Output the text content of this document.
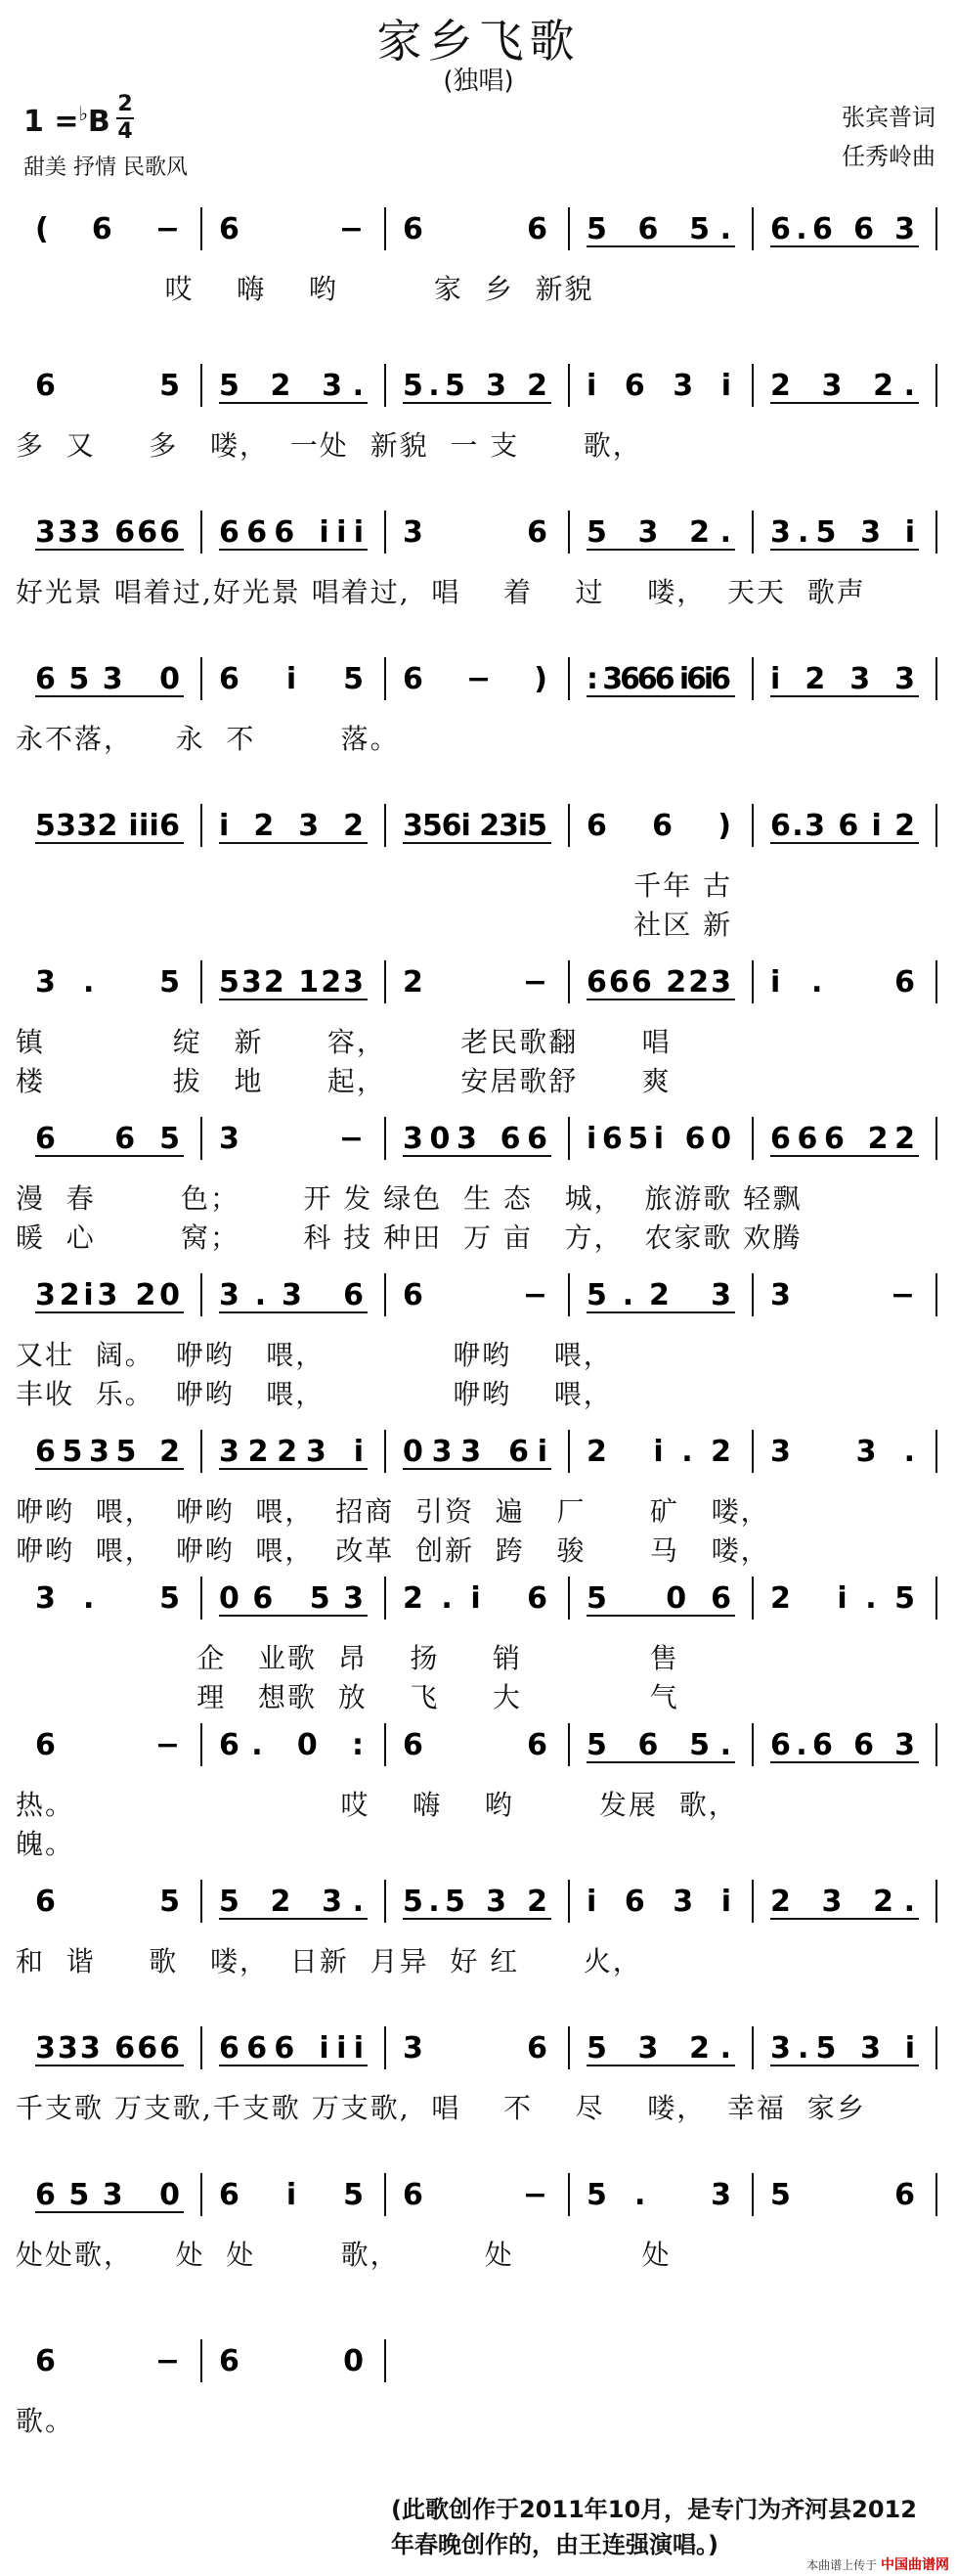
家乡飞歌
(独唱)
1 =♭B
2
4
张宾普词
任秀岭曲
甜美 抒情 民歌风
( 6 − 6 − 6 6 5 6 5. 6.6 6 3
哎    嗨    哟         家  乡  新貌
6 5 5 2 3. 5.5 3 2 i 6 3 i 2 3 2.
多  又     多   喽，  一处  新貌  一 支      歌，
333 666 666 iii 3 6 5 3 2. 3.5 3 i
好光景 唱着过,好光景 唱着过,  唱    着    过    喽，  天天  歌声
653 0 6 i 5 6 − ) : 3666 i6i6 i 2 3 3
永不落，    永  不        落。
5332 iii6 i 2 3 2 356i 23i5 6 6 ) 6.3 6 i 2
千年 古
社区 新
3. 5 532 123 2 − 666 223 i. 6
镇            绽   新      容，       老民歌翻      唱
楼            拔   地      起，       安居歌舒      爽
6 65 3 − 303 66 i65i 60 666 22
漫  春        色；      开 发 绿色  生 态   城，  旅游歌 轻飘
暖  心        窝；      科 技 种田  万 亩   方，  农家歌 欢腾
32i3 20 3.3 6 6 − 5.2 3 3 −
又壮  阔。  咿哟   喂，            咿哟    喂，
丰收  乐。  咿哟   喂，            咿哟    喂，
6535 2 3223 i 033 6i 2 i.2 3 3.
咿哟  喂，  咿哟  喂，  招商  引资  遍   厂      矿   喽，
咿哟  喂，  咿哟  喂，  改革  创新  跨   骏      马   喽，
3. 5 06 53 2.i 6 5 06 2 i.5
企   业歌  昂    扬     销            售
理   想歌  放    飞     大            气
6 − 6. 0 : 6 6 5 6 5. 6.6 6 3
热。                         哎    嗨    哟        发展  歌，
魄。
6 5 5 2 3. 5.5 3 2 i 6 3 i 2 3 2.
和  谐     歌   喽，  日新  月异  好 红      火，
333 666 666 iii 3 6 5 3 2. 3.5 3 i
千支歌 万支歌,千支歌 万支歌,  唱    不    尽    喽，  幸福  家乡
653 0 6 i 5 6 − 5. 3 5 6
处处歌，    处  处        歌，        处            处
6 − 6 0
歌。
(此歌创作于2011年10月，是专门为齐河县2012年春晚创作的，由王连强演唱。)
本曲谱上传于 中国曲谱网
